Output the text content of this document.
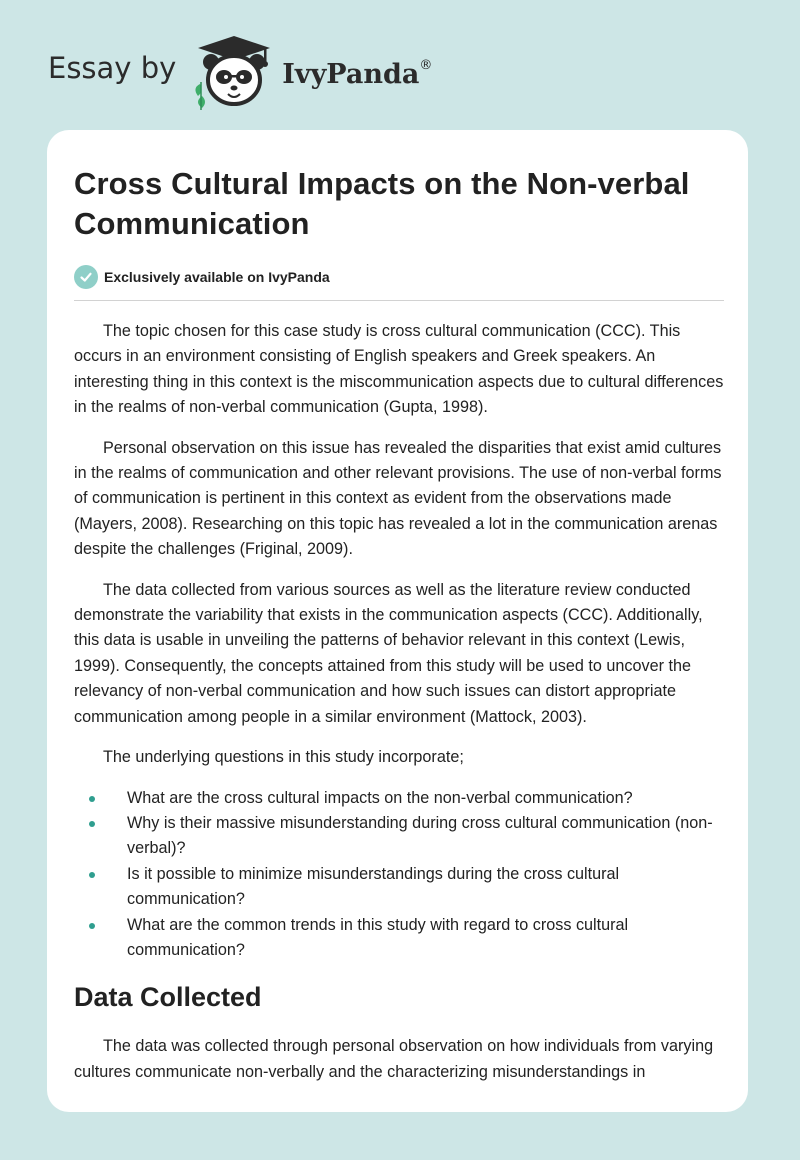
Essay by	IvyPanda®
Cross Cultural Impacts on the Non-verbal Communication
Exclusively available on IvyPanda

The topic chosen for this case study is cross cultural communication (CCC). This occurs in an environment consisting of English speakers and Greek speakers. An interesting thing in this context is the miscommunication aspects due to cultural differences in the realms of non-verbal communication (Gupta, 1998).

Personal observation on this issue has revealed the disparities that exist amid cultures in the realms of communication and other relevant provisions. The use of non-verbal forms of communication is pertinent in this context as evident from the observations made (Mayers, 2008). Researching on this topic has revealed a lot in the communication arenas despite the challenges (Friginal, 2009).

The data collected from various sources as well as the literature review conducted demonstrate the variability that exists in the communication aspects (CCC). Additionally, this data is usable in unveiling the patterns of behavior relevant in this context (Lewis, 1999). Consequently, the concepts attained from this study will be used to uncover the relevancy of non-verbal communication and how such issues can distort appropriate communication among people in a similar environment (Mattock, 2003).

The underlying questions in this study incorporate;

What are the cross cultural impacts on the non-verbal communication?
Why is their massive misunderstanding during cross cultural communication (non-verbal)?
Is it possible to minimize misunderstandings during the cross cultural communication?
What are the common trends in this study with regard to cross cultural communication?
Data Collected

The data was collected through personal observation on how individuals from varying cultures communicate non-verbally and the characterizing misunderstandings in
